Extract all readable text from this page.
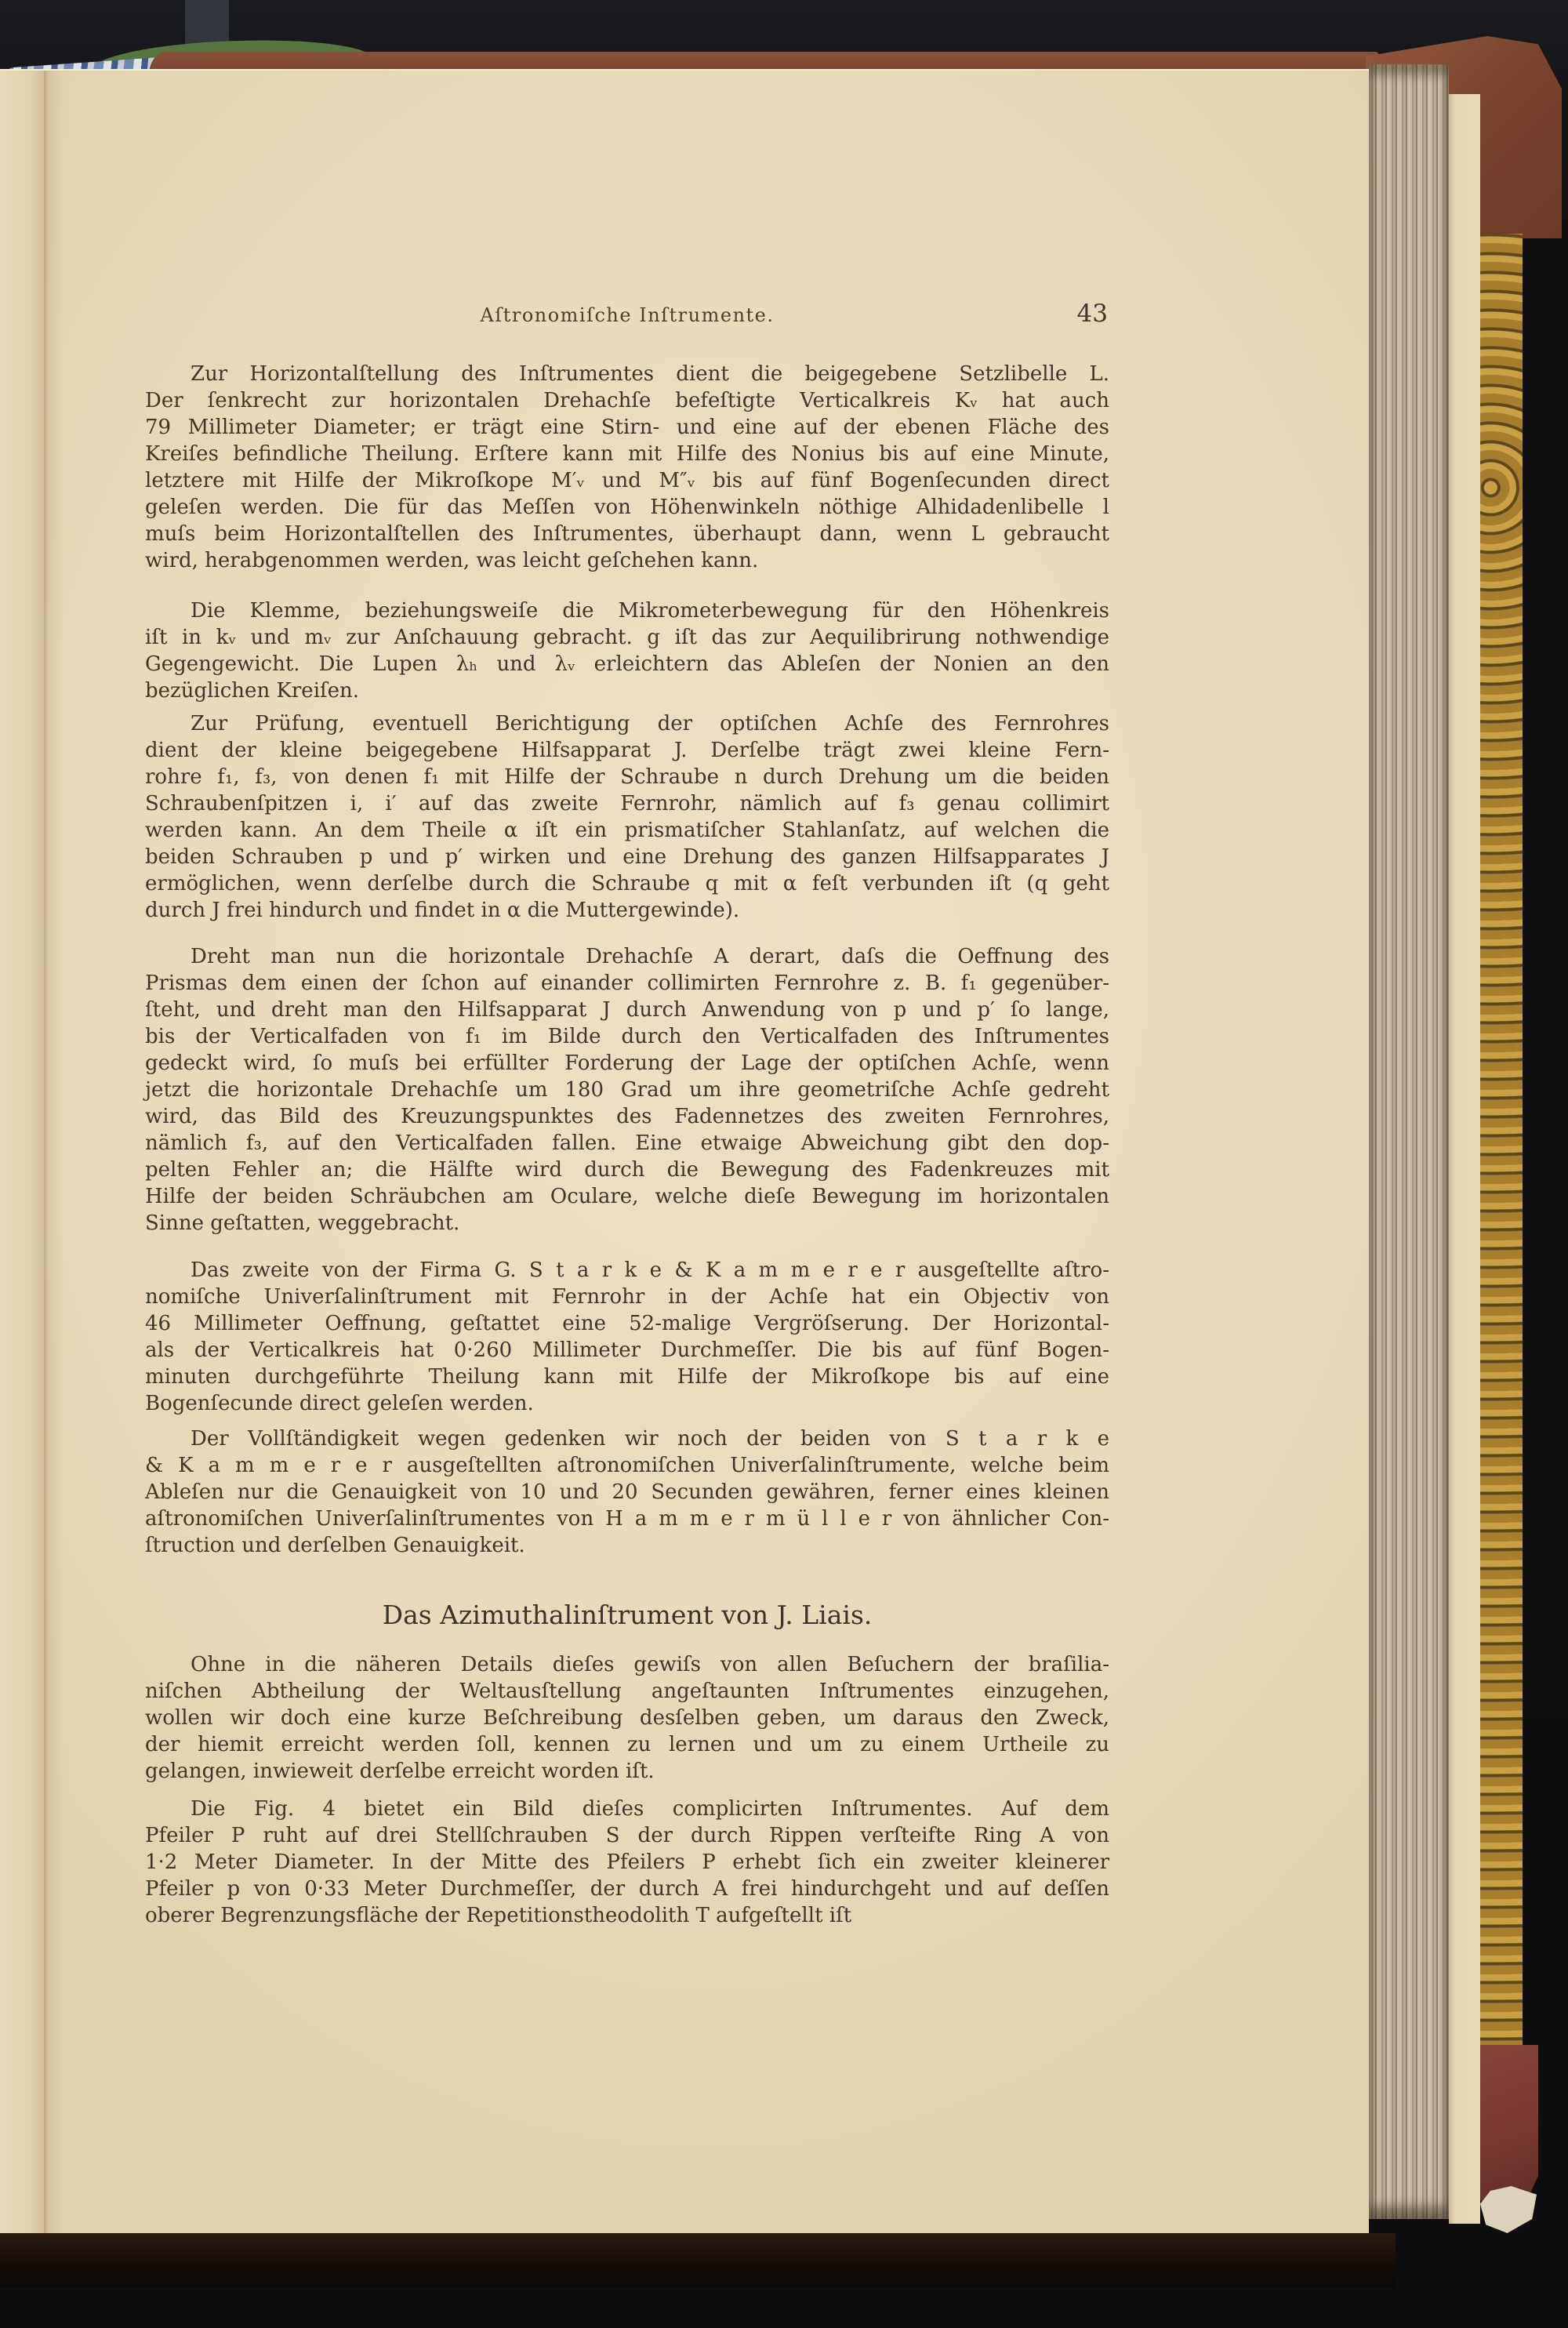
Aſtronomiſche Inſtrumente.	43
Zur Horizontalſtellung des Inſtrumentes dient die beigegebene Setzlibelle L.
Der ſenkrecht zur horizontalen Drehachſe befeſtigte Verticalkreis Kᵥ hat auch
79 Millimeter Diameter; er trägt eine Stirn- und eine auf der ebenen Fläche des
Kreiſes befindliche Theilung. Erſtere kann mit Hilfe des Nonius bis auf eine Minute,
letztere mit Hilfe der Mikroſkope M′ᵥ und M″ᵥ bis auf fünf Bogenſecunden direct
geleſen werden. Die für das Meſſen von Höhenwinkeln nöthige Alhidadenlibelle l
muſs beim Horizontalſtellen des Inſtrumentes, überhaupt dann, wenn L gebraucht
wird, herabgenommen werden, was leicht geſchehen kann.
Die Klemme, beziehungsweiſe die Mikrometerbewegung für den Höhenkreis
iſt in kᵥ und mᵥ zur Anſchauung gebracht. g iſt das zur Aequilibrirung nothwendige
Gegengewicht. Die Lupen λₕ und λᵥ erleichtern das Ableſen der Nonien an den
bezüglichen Kreiſen.
Zur Prüfung, eventuell Berichtigung der optiſchen Achſe des Fernrohres
dient der kleine beigegebene Hilfsapparat J. Derſelbe trägt zwei kleine Fern-
rohre f₁, f₃, von denen f₁ mit Hilfe der Schraube n durch Drehung um die beiden
Schraubenſpitzen i, i′ auf das zweite Fernrohr, nämlich auf f₃ genau collimirt
werden kann. An dem Theile α iſt ein prismatiſcher Stahlanſatz, auf welchen die
beiden Schrauben p und p′ wirken und eine Drehung des ganzen Hilfsapparates J
ermöglichen, wenn derſelbe durch die Schraube q mit α feſt verbunden iſt (q geht
durch J frei hindurch und findet in α die Muttergewinde).
Dreht man nun die horizontale Drehachſe A derart, daſs die Oeffnung des
Prismas dem einen der ſchon auf einander collimirten Fernrohre z. B. f₁ gegenüber-
ſteht, und dreht man den Hilfsapparat J durch Anwendung von p und p′ ſo lange,
bis der Verticalfaden von f₁ im Bilde durch den Verticalfaden des Inſtrumentes
gedeckt wird, ſo muſs bei erfüllter Forderung der Lage der optiſchen Achſe, wenn
jetzt die horizontale Drehachſe um 180 Grad um ihre geometriſche Achſe gedreht
wird, das Bild des Kreuzungspunktes des Fadennetzes des zweiten Fernrohres,
nämlich f₃, auf den Verticalfaden fallen. Eine etwaige Abweichung gibt den dop-
pelten Fehler an; die Hälfte wird durch die Bewegung des Fadenkreuzes mit
Hilfe der beiden Schräubchen am Oculare, welche dieſe Bewegung im horizontalen
Sinne geſtatten, weggebracht.
Das zweite von der Firma G. S t a r k e & K a m m e r e r ausgeſtellte aſtro-
nomiſche Univerſalinſtrument mit Fernrohr in der Achſe hat ein Objectiv von
46 Millimeter Oeffnung, geſtattet eine 52-malige Vergröſserung. Der Horizontal-
als der Verticalkreis hat 0·260 Millimeter Durchmeſſer. Die bis auf fünf Bogen-
minuten durchgeführte Theilung kann mit Hilfe der Mikroſkope bis auf eine
Bogenſecunde direct geleſen werden.
Der Vollſtändigkeit wegen gedenken wir noch der beiden von S t a r k e
& K a m m e r e r ausgeſtellten aſtronomiſchen Univerſalinſtrumente, welche beim
Ableſen nur die Genauigkeit von 10 und 20 Secunden gewähren, ferner eines kleinen
aſtronomiſchen Univerſalinſtrumentes von H a m m e r m ü l l e r von ähnlicher Con-
ſtruction und derſelben Genauigkeit.
Das Azimuthalinſtrument von J. Liais.
Ohne in die näheren Details dieſes gewiſs von allen Beſuchern der braſilia-
niſchen Abtheilung der Weltausſtellung angeſtaunten Inſtrumentes einzugehen,
wollen wir doch eine kurze Beſchreibung desſelben geben, um daraus den Zweck,
der hiemit erreicht werden ſoll, kennen zu lernen und um zu einem Urtheile zu
gelangen, inwieweit derſelbe erreicht worden iſt.
Die Fig. 4 bietet ein Bild dieſes complicirten Inſtrumentes. Auf dem
Pfeiler P ruht auf drei Stellſchrauben S der durch Rippen verſteifte Ring A von
1·2 Meter Diameter. In der Mitte des Pfeilers P erhebt ſich ein zweiter kleinerer
Pfeiler p von 0·33 Meter Durchmeſſer, der durch A frei hindurchgeht und auf deſſen
oberer Begrenzungsfläche der Repetitionstheodolith T aufgeſtellt iſt
